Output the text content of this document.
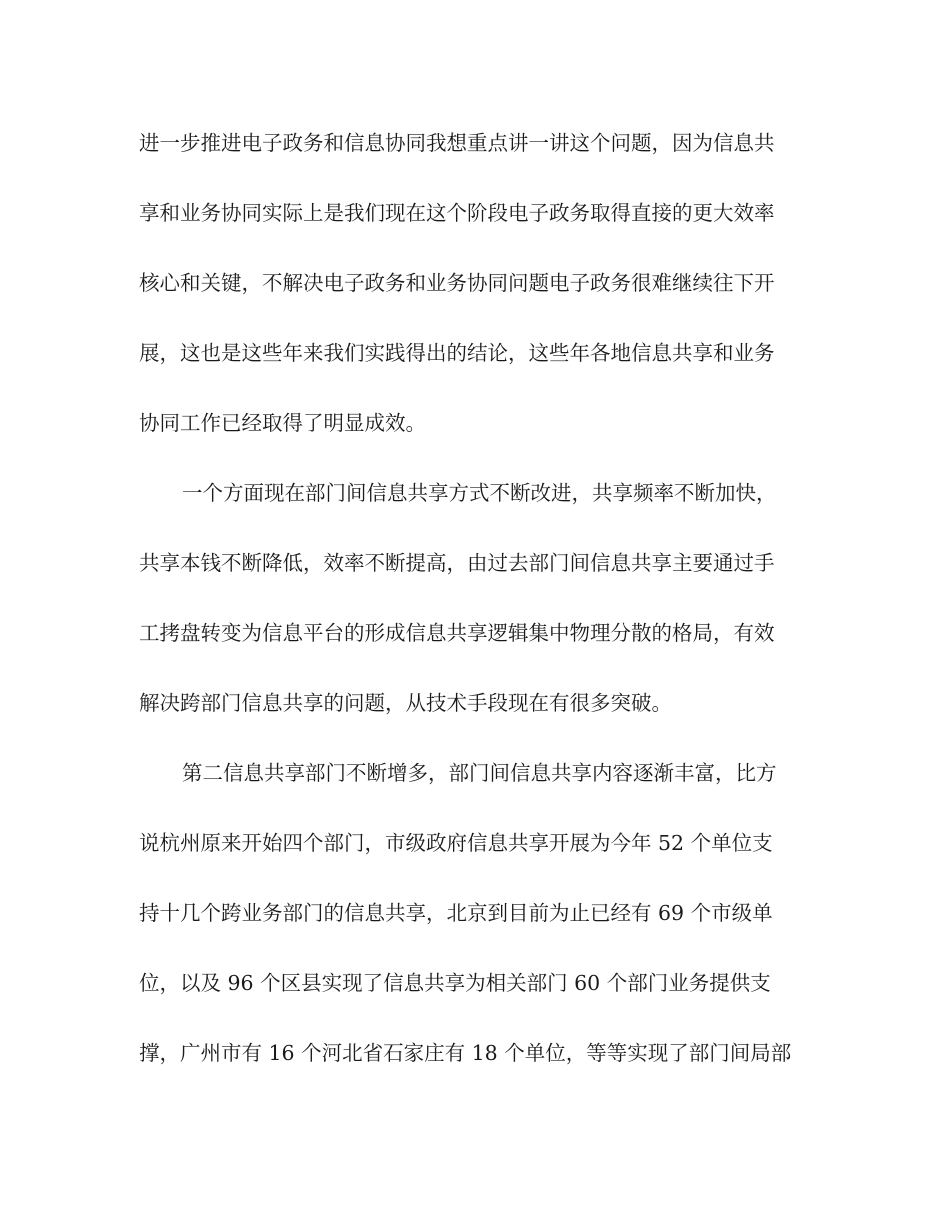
进一步推进电子政务和信息协同我想重点讲一讲这个问题，因为信息共
享和业务协同实际上是我们现在这个阶段电子政务取得直接的更大效率
核心和关键，不解决电子政务和业务协同问题电子政务很难继续往下开
展，这也是这些年来我们实践得出的结论，这些年各地信息共享和业务
协同工作已经取得了明显成效。
一个方面现在部门间信息共享方式不断改进，共享频率不断加快，
共享本钱不断降低，效率不断提高，由过去部门间信息共享主要通过手
工拷盘转变为信息平台的形成信息共享逻辑集中物理分散的格局，有效
解决跨部门信息共享的问题，从技术手段现在有很多突破。
第二信息共享部门不断增多，部门间信息共享内容逐渐丰富，比方
说杭州原来开始四个部门，市级政府信息共享开展为今年 52 个单位支
持十几个跨业务部门的信息共享，北京到目前为止已经有 69 个市级单
位，以及 96 个区县实现了信息共享为相关部门 60 个部门业务提供支
撑，广州市有 16 个河北省石家庄有 18 个单位，等等实现了部门间局部
